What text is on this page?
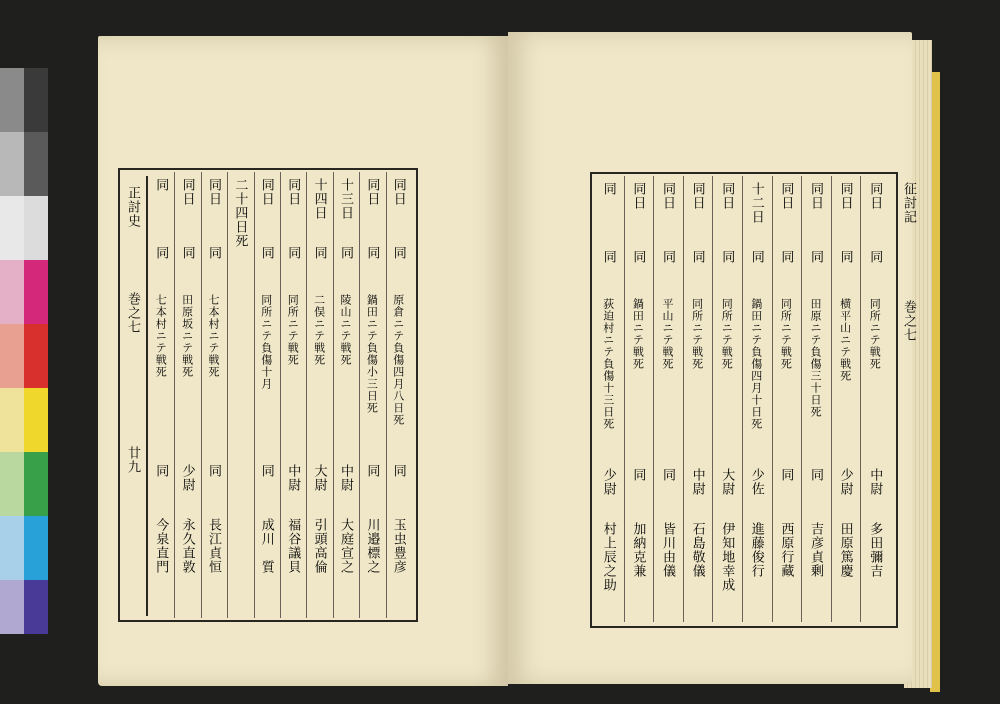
同日
同
原倉ニテ負傷四月八日死
同
玉虫豊彦
同日
同
鍋田ニテ負傷小三日死
同
川邉標之
十三日
同
陵山ニテ戦死
中尉
大庭宣之
十四日
同
二俣ニテ戦死
大尉
引頭高倫
同日
同
同所ニテ戦死
中尉
福谷議貝
同日
同
同所ニテ負傷十月
同
成川　質
二十四日死
同日
同
七本村ニテ戦死
同
長江貞恒
同日
同
田原坂ニテ戦死
少尉
永久直敦
同
同
七本村ニテ戦死
同
今泉直門
正討史
巻之七
廿九
同日
同
同所ニテ戦死
中尉
多田彌吉
同日
同
横平山ニテ戦死
少尉
田原篤慶
同日
同
田原ニテ負傷三十日死
同
吉彦貞剰
同日
同
同所ニテ戦死
同
西原行藏
十二日
同
鍋田ニテ負傷四月十日死
少佐
進藤俊行
同日
同
同所ニテ戦死
大尉
伊知地幸成
同日
同
同所ニテ戦死
中尉
石島敬儀
同日
同
平山ニテ戦死
同
皆川由儀
同日
同
鍋田ニテ戦死
同
加納克兼
同
同
荻迫村ニテ負傷十三日死
少尉
村上辰之助
征討記
巻之七
